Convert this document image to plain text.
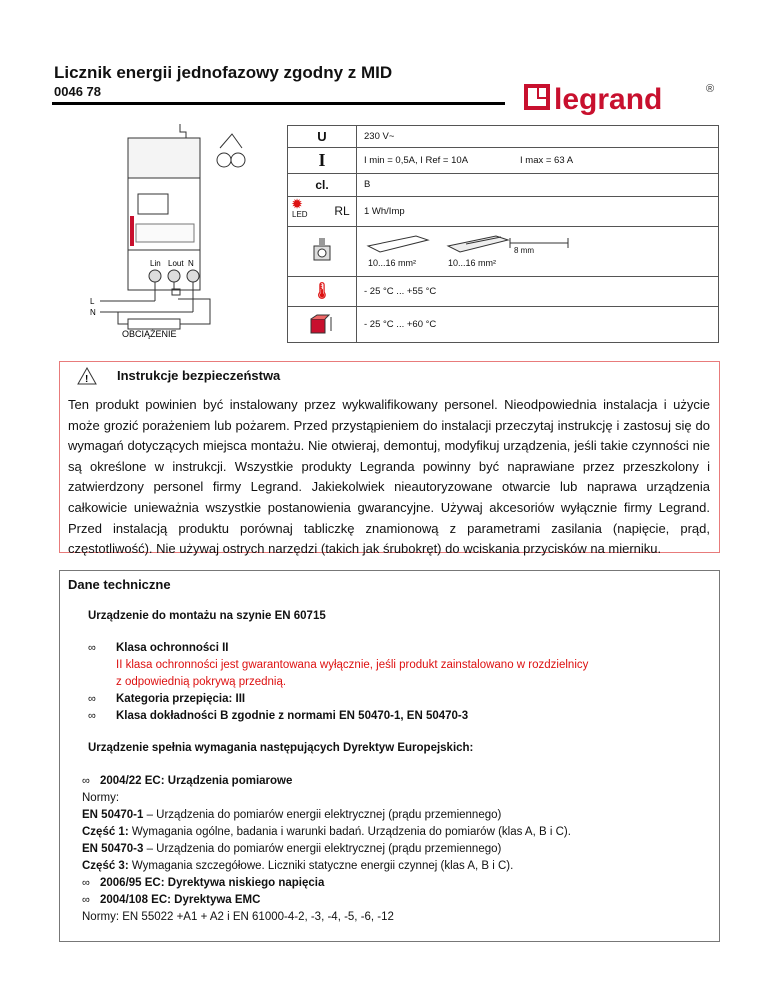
Licznik energii jednofazowy zgodny z MID
0046 78	legrand	®
Lin Lout N
L
N
OBCIĄŻENIE
U	230 V~
I	I min = 0,5A, I Ref = 10A	I max = 63 A
cl.	B
✹
LED	RL	1 Wh/Imp
10...16 mm²	10...16 mm²
8 mm
🌡	- 25 °C ... +55 °C
- 25 °C ... +60 °C
! Instrukcje bezpieczeństwa
Ten produkt powinien być instalowany przez wykwalifikowany personel. Nieodpowiednia instalacja i użycie może grozić porażeniem lub pożarem. Przed przystąpieniem do instalacji przeczytaj instrukcję i zastosuj się do wymagań dotyczących miejsca montażu. Nie otwieraj, demontuj, modyfikuj urządzenia, jeśli takie czynności nie są określone w instrukcji. Wszystkie produkty Legranda powinny być naprawiane przez przeszkolony i zatwierdzony personel firmy Legrand. Jakiekolwiek nieautoryzowane otwarcie lub naprawa urządzenia całkowicie unieważnia wszystkie postanowienia gwarancyjne. Używaj akcesoriów wyłącznie firmy Legrand. Przed instalacją produktu porównaj tabliczkę znamionową z parametrami zasilania (napięcie, prąd, częstotliwość). Nie używaj ostrych narzędzi (takich jak śrubokręt) do wciskania przycisków na mierniku.
Dane techniczne
Urządzenie do montażu na szynie EN 60715
∞ Klasa ochronności II
II klasa ochronności jest gwarantowana wyłącznie, jeśli produkt zainstalowano w rozdzielnicy
z odpowiednią pokrywą przednią.
∞ Kategoria przepięcia: III
∞ Klasa dokładności B zgodnie z normami EN 50470-1, EN 50470-3
Urządzenie spełnia wymagania następujących Dyrektyw Europejskich:
∞ 2004/22 EC: Urządzenia pomiarowe
Normy:
EN 50470-1 – Urządzenia do pomiarów energii elektrycznej (prądu przemiennego)
Część 1: Wymagania ogólne, badania i warunki badań. Urządzenia do pomiarów (klas A, B i C).
EN 50470-3 – Urządzenia do pomiarów energii elektrycznej (prądu przemiennego)
Część 3: Wymagania szczegółowe. Liczniki statyczne energii czynnej (klas A, B i C).
∞ 2006/95 EC: Dyrektywa niskiego napięcia
∞ 2004/108 EC: Dyrektywa EMC
Normy: EN 55022 +A1 + A2 i EN 61000-4-2, -3, -4, -5, -6, -12
